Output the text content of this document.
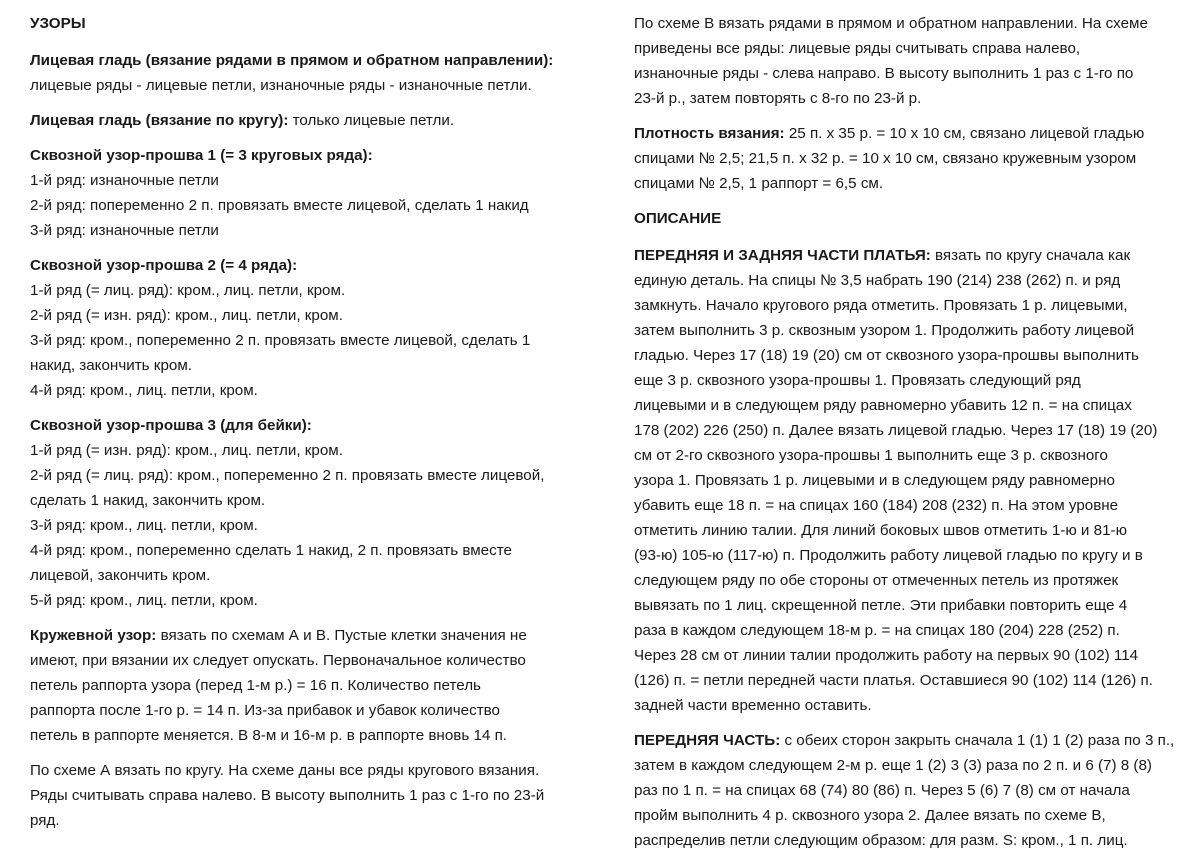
УЗОРЫ
Лицевая гладь (вязание рядами в прямом и обратном направлении):
лицевые ряды - лицевые петли, изнаночные ряды - изнаночные петли.
Лицевая гладь (вязание по кругу): только лицевые петли.
Сквозной узор-прошва 1 (= 3 круговых ряда):
1-й ряд: изнаночные петли
2-й ряд: попеременно 2 п. провязать вместе лицевой, сделать 1 накид
3-й ряд: изнаночные петли
Сквозной узор-прошва 2 (= 4 ряда):
1-й ряд (= лиц. ряд): кром., лиц. петли, кром.
2-й ряд (= изн. ряд): кром., лиц. петли, кром.
3-й ряд: кром., попеременно 2 п. провязать вместе лицевой, сделать 1
накид, закончить кром.
4-й ряд: кром., лиц. петли, кром.
Сквозной узор-прошва 3 (для бейки):
1-й ряд (= изн. ряд): кром., лиц. петли, кром.
2-й ряд (= лиц. ряд): кром., попеременно 2 п. провязать вместе лицевой,
сделать 1 накид, закончить кром.
3-й ряд: кром., лиц. петли, кром.
4-й ряд: кром., попеременно сделать 1 накид, 2 п. провязать вместе
лицевой, закончить кром.
5-й ряд: кром., лиц. петли, кром.
Кружевной узор: вязать по схемам А и В. Пустые клетки значения не
имеют, при вязании их следует опускать. Первоначальное количество
петель раппорта узора (перед 1-м р.) = 16 п. Количество петель
раппорта после 1-го р. = 14 п. Из-за прибавок и убавок количество
петель в раппорте меняется. В 8-м и 16-м р. в раппорте вновь 14 п.
По схеме А вязать по кругу. На схеме даны все ряды кругового вязания.
Ряды считывать справа налево. В высоту выполнить 1 раз с 1-го по 23-й
ряд.
По схеме В вязать рядами в прямом и обратном направлении. На схеме
приведены все ряды: лицевые ряды считывать справа налево,
изнаночные ряды - слева направо. В высоту выполнить 1 раз с 1-го по
23-й р., затем повторять с 8-го по 23-й р.
Плотность вязания: 25 п. х 35 р. = 10 х 10 см, связано лицевой гладью
спицами № 2,5; 21,5 п. х 32 р. = 10 х 10 см, связано кружевным узором
спицами № 2,5, 1 раппорт = 6,5 см.
ОПИСАНИЕ
ПЕРЕДНЯЯ И ЗАДНЯЯ ЧАСТИ ПЛАТЬЯ: вязать по кругу сначала как
единую деталь. На спицы № 3,5 набрать 190 (214) 238 (262) п. и ряд
замкнуть. Начало кругового ряда отметить. Провязать 1 р. лицевыми,
затем выполнить 3 р. сквозным узором 1. Продолжить работу лицевой
гладью. Через 17 (18) 19 (20) см от сквозного узора-прошвы выполнить
еще 3 р. сквозного узора-прошвы 1. Провязать следующий ряд
лицевыми и в следующем ряду равномерно убавить 12 п. = на спицах
178 (202) 226 (250) п. Далее вязать лицевой гладью. Через 17 (18) 19 (20)
см от 2-го сквозного узора-прошвы 1 выполнить еще 3 р. сквозного
узора 1. Провязать 1 р. лицевыми и в следующем ряду равномерно
убавить еще 18 п. = на спицах 160 (184) 208 (232) п. На этом уровне
отметить линию талии. Для линий боковых швов отметить 1-ю и 81-ю
(93-ю) 105-ю (117-ю) п. Продолжить работу лицевой гладью по кругу и в
следующем ряду по обе стороны от отмеченных петель из протяжек
вывязать по 1 лиц. скрещенной петле. Эти прибавки повторить еще 4
раза в каждом следующем 18-м р. = на спицах 180 (204) 228 (252) п.
Через 28 см от линии талии продолжить работу на первых 90 (102) 114
(126) п. = петли передней части платья. Оставшиеся 90 (102) 114 (126) п.
задней части временно оставить.
ПЕРЕДНЯЯ ЧАСТЬ: с обеих сторон закрыть сначала 1 (1) 1 (2) раза по 3 п.,
затем в каждом следующем 2-м р. еще 1 (2) 3 (3) раза по 2 п. и 6 (7) 8 (8)
раз по 1 п. = на спицах 68 (74) 80 (86) п. Через 5 (6) 7 (8) см от начала
пройм выполнить 4 р. сквозного узора 2. Далее вязать по схеме В,
распределив петли следующим образом: для разм. S: кром., 1 п. лиц.
